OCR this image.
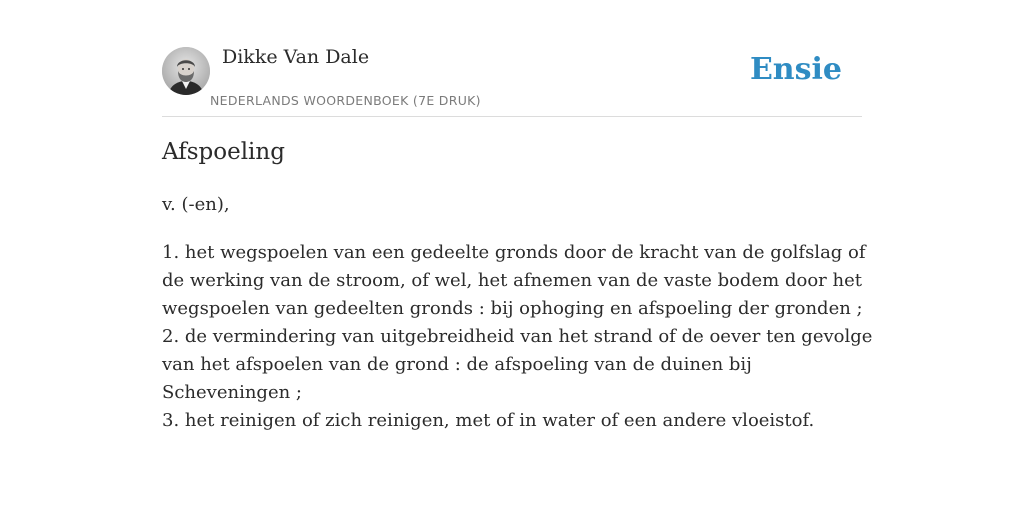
Dikke Van Dale
NEDERLANDS WOORDENBOEK (7E DRUK)
Ensie
Afspoeling
v. (-en),
1. het wegspoelen van een gedeelte gronds door de kracht van de golfslag of de werking van de stroom, of wel, het afnemen van de vaste bodem door het wegspoelen van gedeelten gronds : bij ophoging en afspoeling der gronden ;
2. de vermindering van uitgebreidheid van het strand of de oever ten gevolge van het afspoelen van de grond : de afspoeling van de duinen bij Scheveningen ;
3. het reinigen of zich reinigen, met of in water of een andere vloeistof.
